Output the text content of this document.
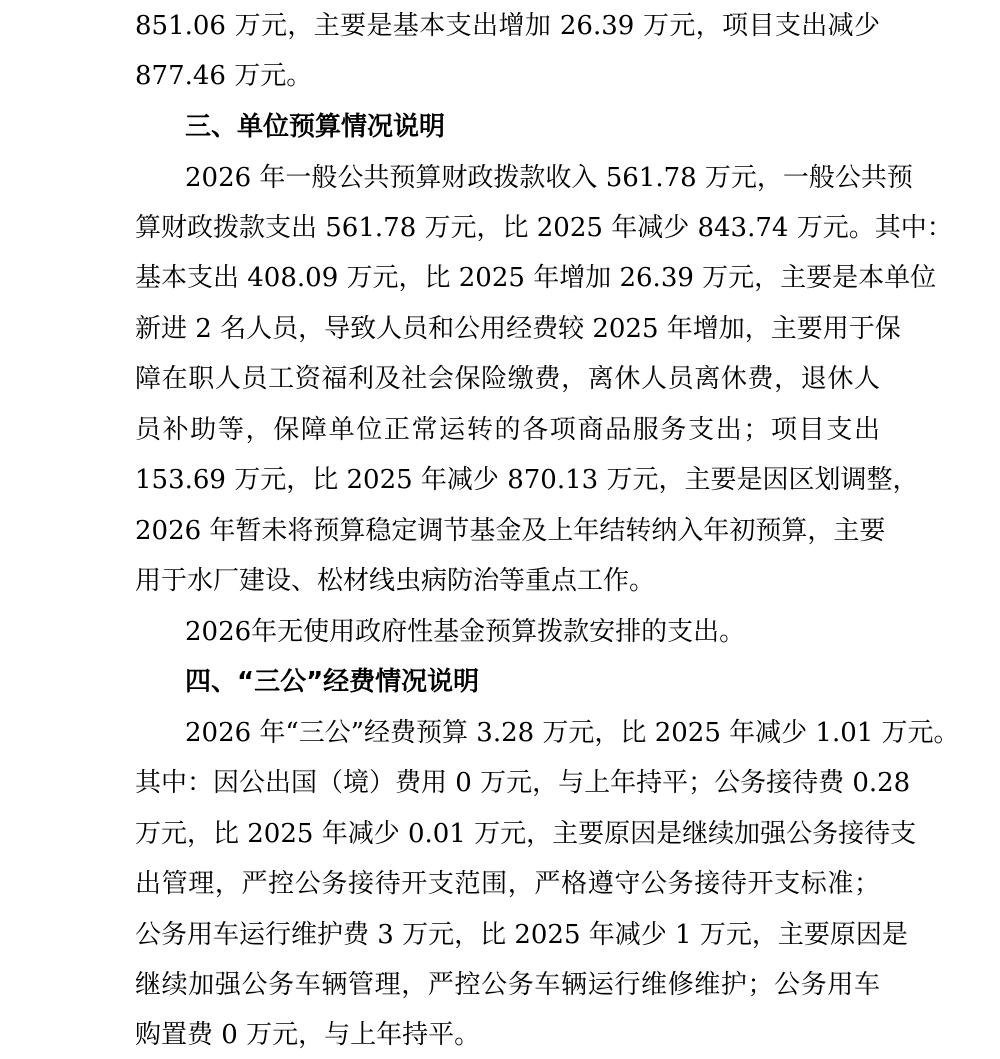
851.06 万元，主要是基本支出增加 26.39 万元，项目支出减少
877.46 万元。
三、单位预算情况说明
2026 年一般公共预算财政拨款收入 561.78 万元，一般公共预
算财政拨款支出 561.78 万元，比 2025 年减少 843.74 万元。其中：
基本支出 408.09 万元，比 2025 年增加 26.39 万元，主要是本单位
新进 2 名人员，导致人员和公用经费较 2025 年增加，主要用于保
障在职人员工资福利及社会保险缴费，离休人员离休费，退休人
员补助等，保障单位正常运转的各项商品服务支出；项目支出
153.69 万元，比 2025 年减少 870.13 万元，主要是因区划调整，
2026 年暂未将预算稳定调节基金及上年结转纳入年初预算，主要
用于水厂建设、松材线虫病防治等重点工作。
2026年无使用政府性基金预算拨款安排的支出。
四、“三公”经费情况说明
2026 年“三公”经费预算 3.28 万元，比 2025 年减少 1.01 万元。
其中：因公出国（境）费用 0 万元，与上年持平；公务接待费 0.28
万元，比 2025 年减少 0.01 万元，主要原因是继续加强公务接待支
出管理，严控公务接待开支范围，严格遵守公务接待开支标准；
公务用车运行维护费 3 万元，比 2025 年减少 1 万元，主要原因是
继续加强公务车辆管理，严控公务车辆运行维修维护；公务用车
购置费 0 万元，与上年持平。
